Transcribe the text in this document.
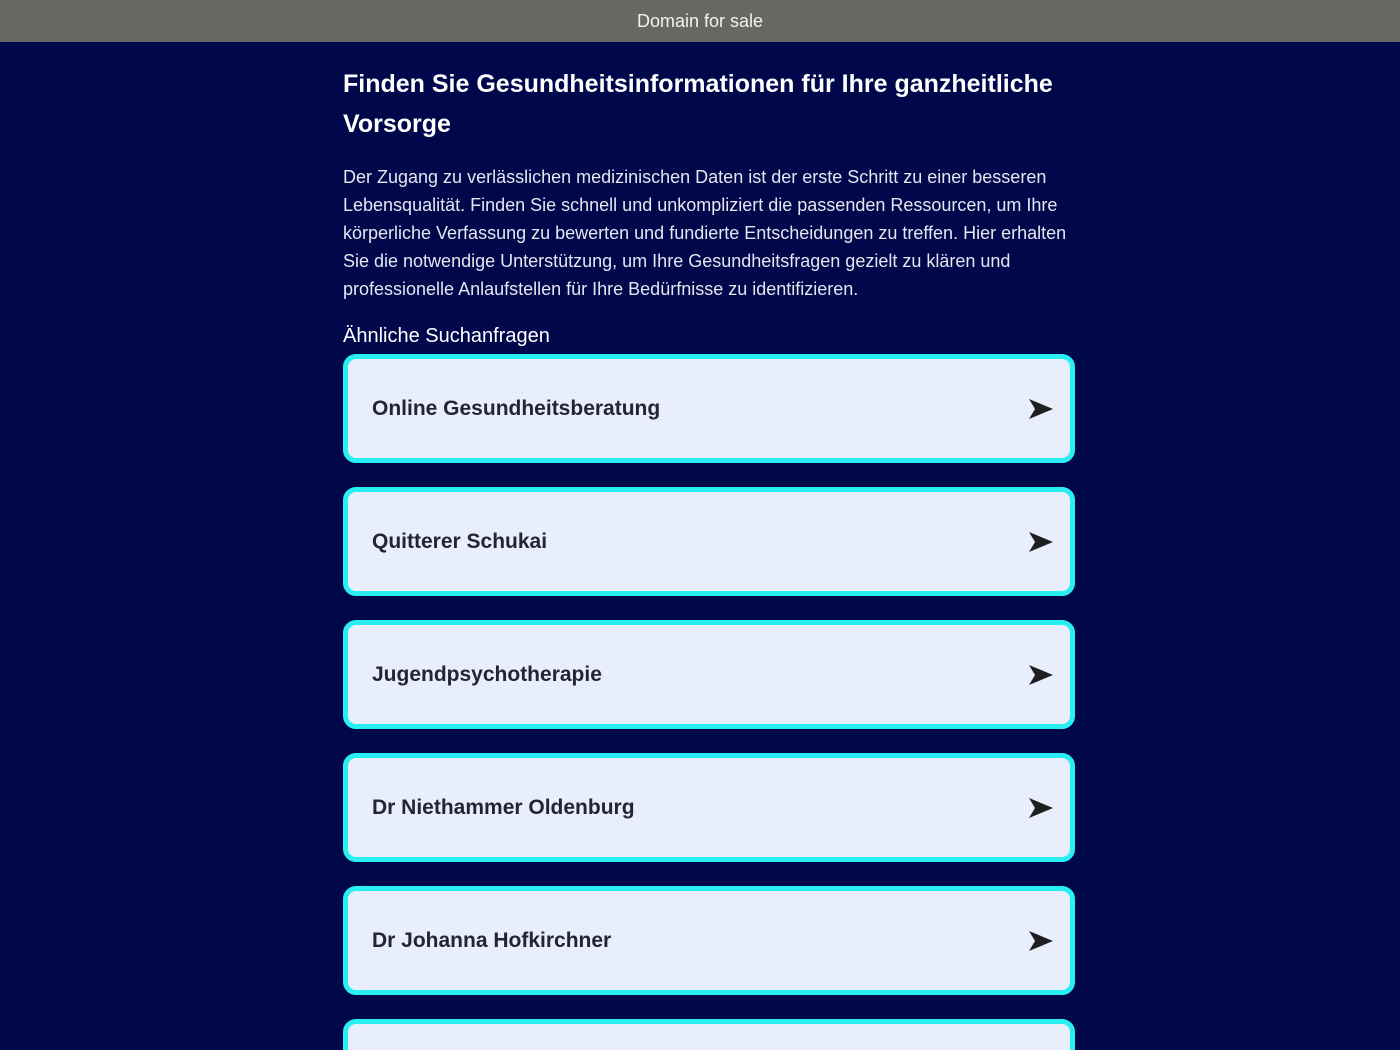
Domain for sale
Finden Sie Gesundheitsinformationen für Ihre ganzheitliche Vorsorge

Der Zugang zu verlässlichen medizinischen Daten ist der erste Schritt zu einer besseren Lebensqualität. Finden Sie schnell und unkompliziert die passenden Ressourcen, um Ihre körperliche Verfassung zu bewerten und fundierte Entscheidungen zu treffen. Hier erhalten Sie die notwendige Unterstützung, um Ihre Gesundheitsfragen gezielt zu klären und professionelle Anlaufstellen für Ihre Bedürfnisse zu identifizieren.

Ähnliche Suchanfragen
Online Gesundheitsberatung
Quitterer Schukai
Jugendpsychotherapie
Dr Niethammer Oldenburg
Dr Johanna Hofkirchner
